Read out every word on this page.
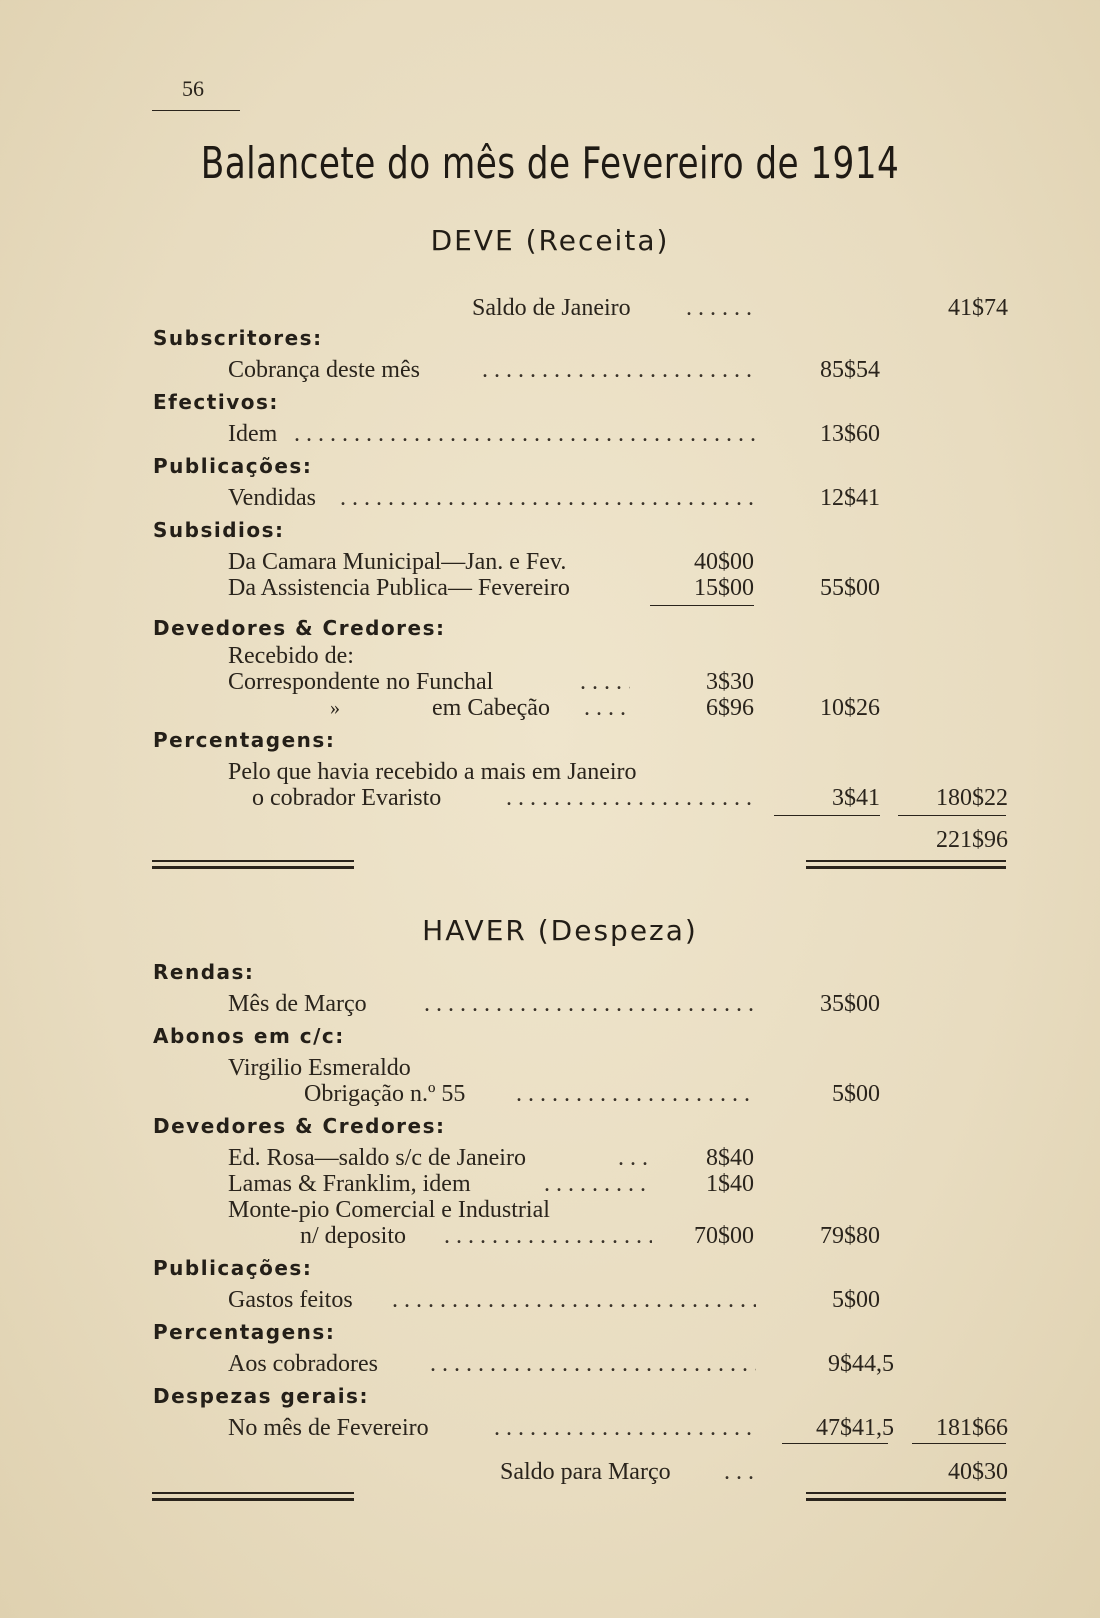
56
Balancete do mês de Fevereiro de 1914
DEVE (Receita)
Saldo de Janeiro . . .	41$74
Subscritores:
Cobrança deste mês . . .	85$54
Efectivos:
Idem . . .	13$60
Publicações:
Vendidas . . .	12$41
Subsidios:
Da Camara Municipal—Jan. e Fev.	40$00
Da Assistencia Publica— Fevereiro	15$00	55$00
Devedores & Credores:
Recebido de:
Correspondente no Funchal . . .	3$30
»	em Cabeção . . .	6$96	10$26
Percentagens:
Pelo que havia recebido a mais em Janeiro
o cobrador Evaristo . . .	3$41 180$22
221$96
HAVER (Despeza)
Rendas:
Mês de Março . . .	35$00
Abonos em c/c:
Virgilio Esmeraldo
Obrigação n.º 55 . . .	5$00
Devedores & Credores:
Ed. Rosa—saldo s/c de Janeiro . . .	8$40
Lamas & Franklim, idem . . .	1$40
Monte-pio Comercial e Industrial
n/ deposito . . .	70$00	79$80
Publicações:
Gastos feitos . . .	5$00
Percentagens:
Aos cobradores . . .	9$44,5
Despezas gerais:
No mês de Fevereiro . . .	47$41,5 181$66
Saldo para Março . . .	40$30
